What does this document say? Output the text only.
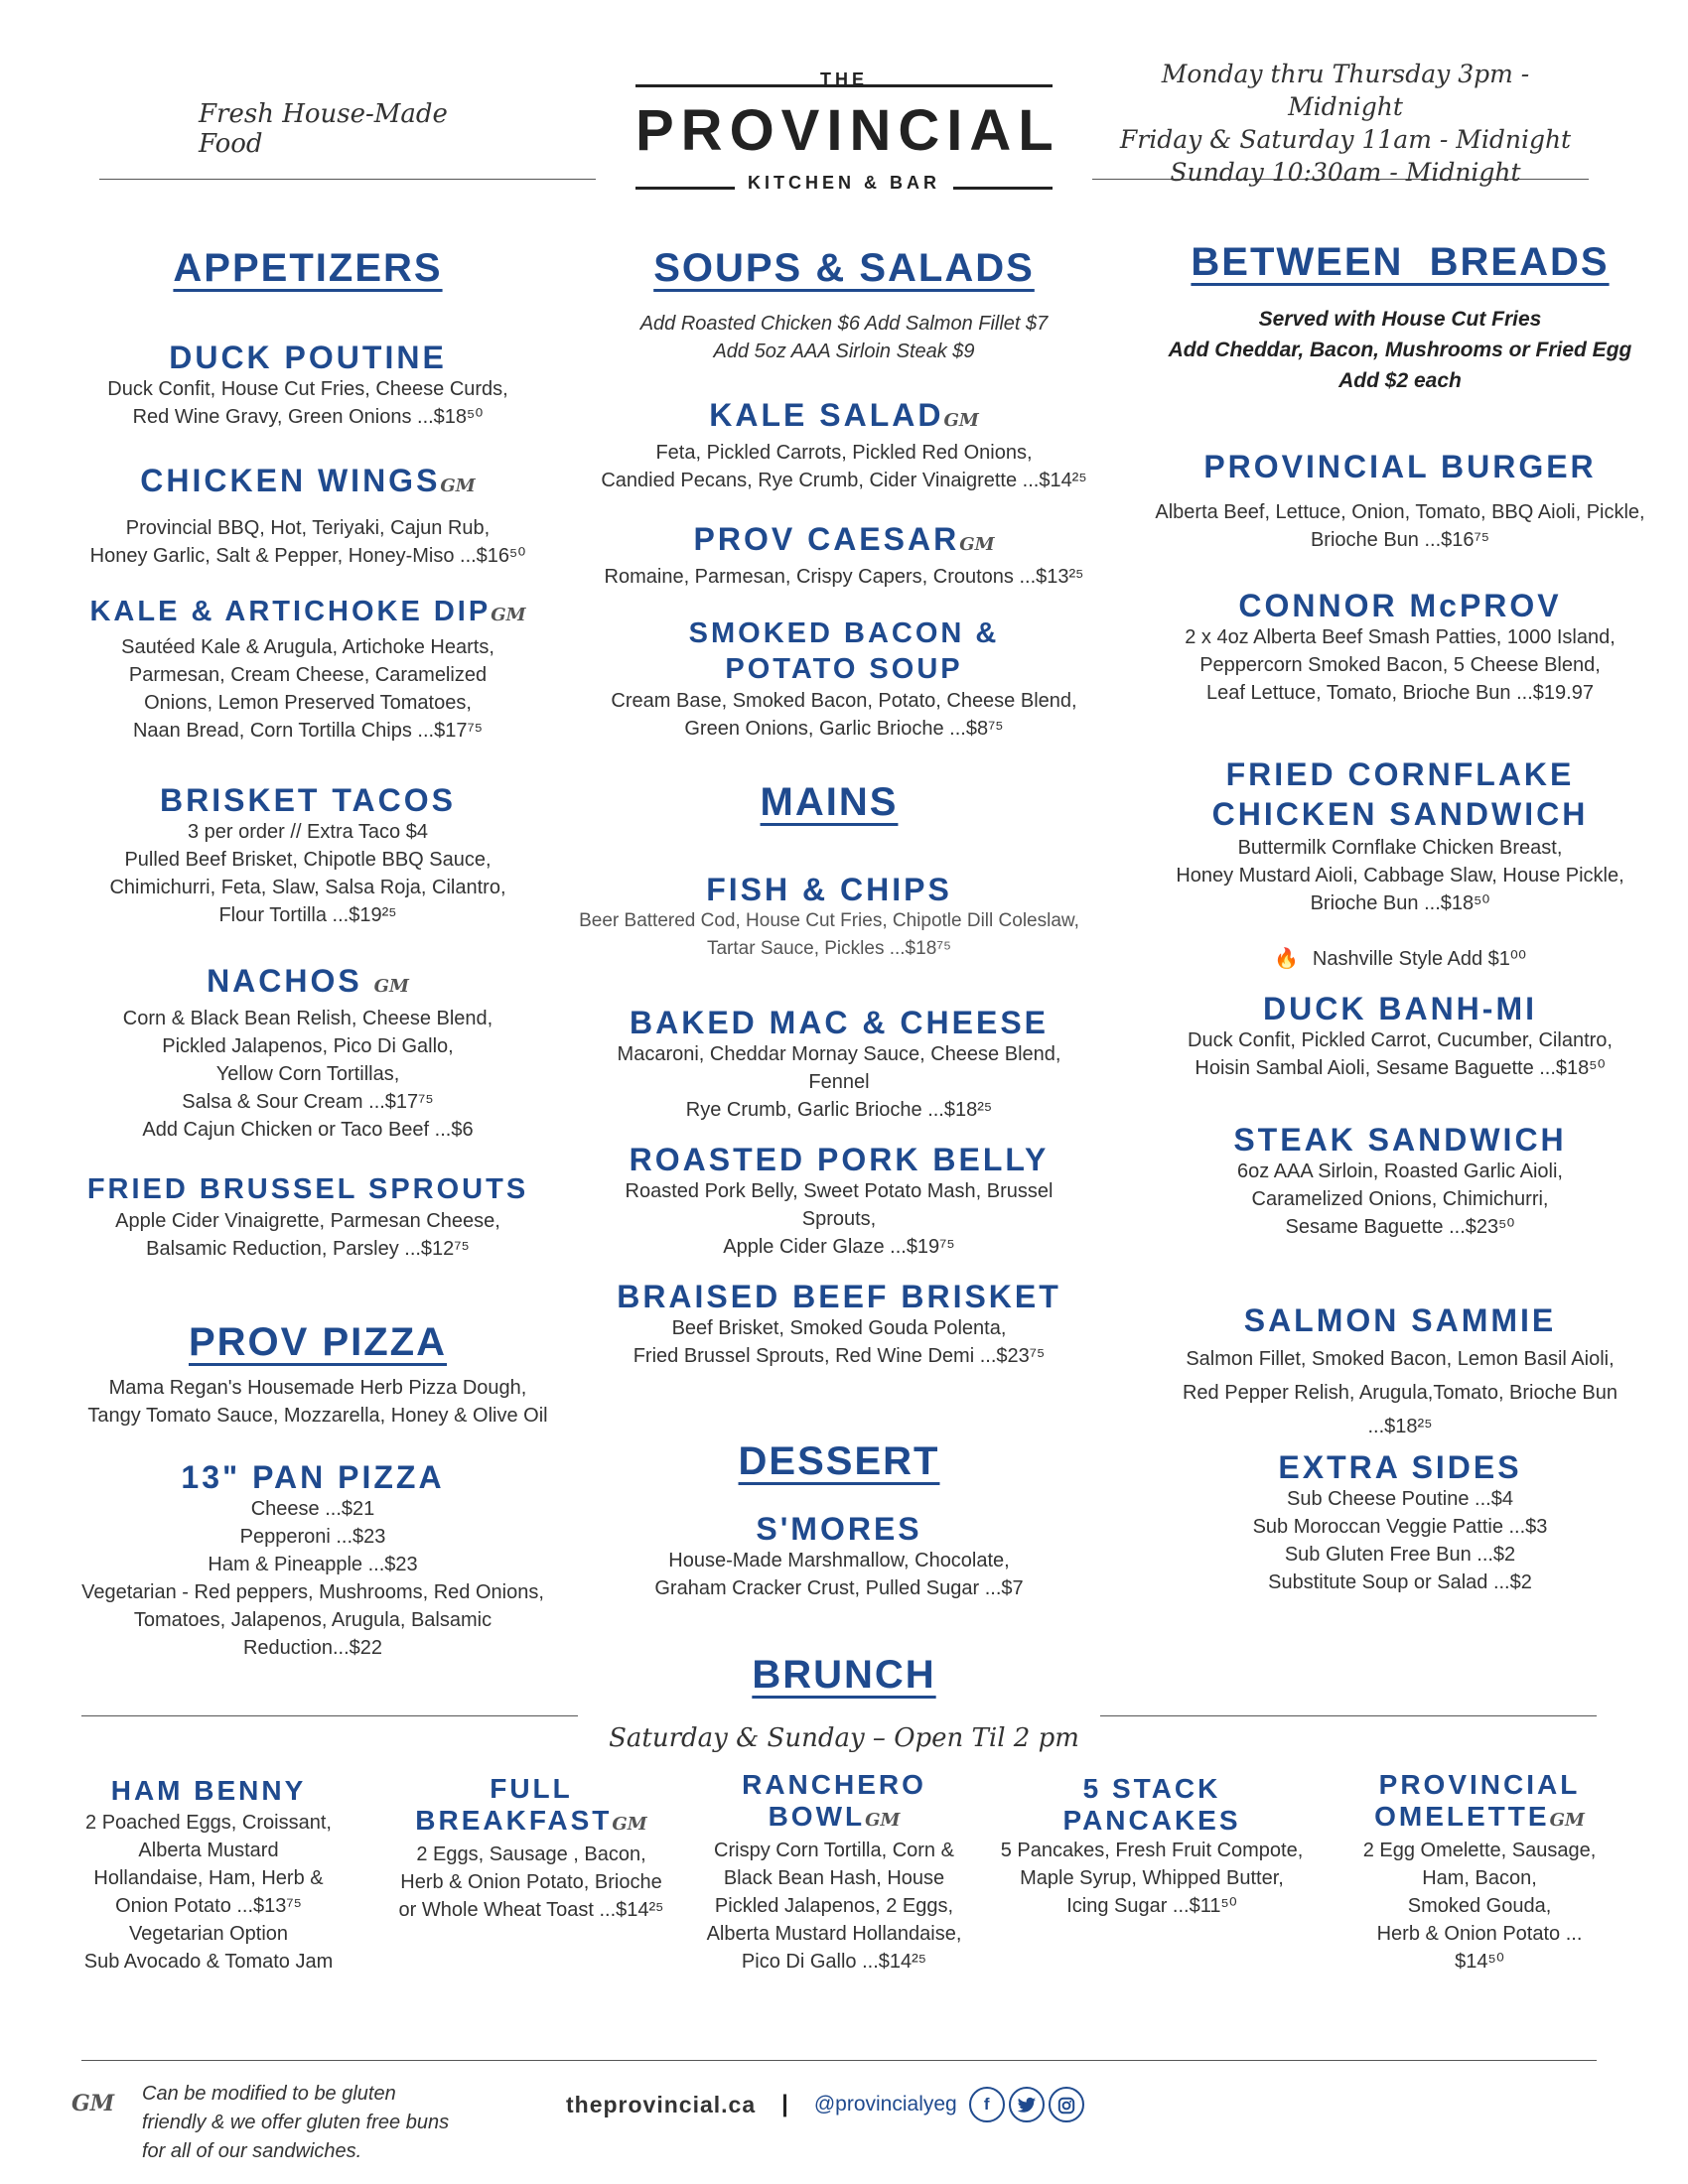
Fresh House-Made Food
THE
PROVINCIAL
KITCHEN & BAR
Monday thru Thursday 3pm - Midnight
Friday & Saturday 11am - Midnight
Sunday 10:30am - Midnight
APPETIZERS
DUCK POUTINE
Duck Confit, House Cut Fries, Cheese Curds,
Red Wine Gravy, Green Onions ...$18⁵⁰
CHICKEN WINGSGM
Provincial BBQ, Hot, Teriyaki, Cajun Rub,
Honey Garlic, Salt & Pepper, Honey-Miso ...$16⁵⁰
KALE & ARTICHOKE DIPGM
Sautéed Kale & Arugula, Artichoke Hearts,
Parmesan, Cream Cheese, Caramelized
Onions, Lemon Preserved Tomatoes,
Naan Bread, Corn Tortilla Chips ...$17⁷⁵
BRISKET TACOS
3 per order // Extra Taco $4
Pulled Beef Brisket, Chipotle BBQ Sauce,
Chimichurri, Feta, Slaw, Salsa Roja, Cilantro,
Flour Tortilla ...$19²⁵
NACHOS GM
Corn & Black Bean Relish, Cheese Blend,
Pickled Jalapenos, Pico Di Gallo,
Yellow Corn Tortillas,
Salsa & Sour Cream ...$17⁷⁵
Add Cajun Chicken or Taco Beef ...$6
FRIED BRUSSEL SPROUTS
Apple Cider Vinaigrette, Parmesan Cheese,
Balsamic Reduction, Parsley ...$12⁷⁵
PROV PIZZA
Mama Regan's Housemade Herb Pizza Dough,
Tangy Tomato Sauce, Mozzarella, Honey & Olive Oil
13" PAN PIZZA
Cheese ...$21
Pepperoni ...$23
Ham & Pineapple ...$23
Vegetarian - Red peppers, Mushrooms, Red Onions,
Tomatoes, Jalapenos, Arugula, Balsamic Reduction...$22
SOUPS & SALADS
Add Roasted Chicken $6 Add Salmon Fillet $7
Add 5oz AAA Sirloin Steak $9
KALE SALADGM
Feta, Pickled Carrots, Pickled Red Onions,
Candied Pecans, Rye Crumb, Cider Vinaigrette ...$14²⁵
PROV CAESARGM
Romaine, Parmesan, Crispy Capers, Croutons ...$13²⁵
SMOKED BACON & POTATO SOUP
Cream Base, Smoked Bacon, Potato, Cheese Blend,
Green Onions, Garlic Brioche ...$8⁷⁵
MAINS
FISH & CHIPS
Beer Battered Cod, House Cut Fries, Chipotle Dill Coleslaw,
Tartar Sauce, Pickles ...$18⁷⁵
BAKED MAC & CHEESE
Macaroni, Cheddar Mornay Sauce, Cheese Blend, Fennel
Rye Crumb, Garlic Brioche ...$18²⁵
ROASTED PORK BELLY
Roasted Pork Belly, Sweet Potato Mash, Brussel Sprouts,
Apple Cider Glaze ...$19⁷⁵
BRAISED BEEF BRISKET
Beef Brisket, Smoked Gouda Polenta,
Fried Brussel Sprouts, Red Wine Demi ...$23⁷⁵
DESSERT
S'MORES
House-Made Marshmallow, Chocolate,
Graham Cracker Crust, Pulled Sugar ...$7
BETWEEN  BREADS
Served with House Cut Fries
Add Cheddar, Bacon, Mushrooms or Fried Egg
Add $2 each
PROVINCIAL BURGER
Alberta Beef, Lettuce, Onion, Tomato, BBQ Aioli, Pickle,
Brioche Bun ...$16⁷⁵
CONNOR McPROV
2 x 4oz Alberta Beef Smash Patties, 1000 Island,
Peppercorn Smoked Bacon, 5 Cheese Blend,
Leaf Lettuce, Tomato, Brioche Bun ...$19.97
FRIED CORNFLAKE CHICKEN SANDWICH
Buttermilk Cornflake Chicken Breast,
Honey Mustard Aioli, Cabbage Slaw, House Pickle,
Brioche Bun ...$18⁵⁰

🔥 Nashville Style Add $1⁰⁰

DUCK BANH-MI
Duck Confit, Pickled Carrot, Cucumber, Cilantro,
Hoisin Sambal Aioli, Sesame Baguette ...$18⁵⁰
STEAK SANDWICH
6oz AAA Sirloin, Roasted Garlic Aioli,
Caramelized Onions, Chimichurri,
Sesame Baguette ...$23⁵⁰
SALMON SAMMIE
Salmon Fillet, Smoked Bacon, Lemon Basil Aioli,
Red Pepper Relish, Arugula,Tomato, Brioche Bun ...$18²⁵
EXTRA SIDES
Sub Cheese Poutine ...$4
Sub Moroccan Veggie Pattie ...$3
Sub Gluten Free Bun ...$2
Substitute Soup or Salad ...$2
BRUNCH
Saturday & Sunday – Open Til 2 pm
HAM BENNY
2 Poached Eggs, Croissant,
Alberta Mustard
Hollandaise, Ham, Herb &
Onion Potato ...$13⁷⁵
Vegetarian Option
Sub Avocado & Tomato Jam
FULL
BREAKFASTGM
2 Eggs, Sausage , Bacon,
Herb & Onion Potato, Brioche
or Whole Wheat Toast ...$14²⁵
RANCHERO
BOWLGM
Crispy Corn Tortilla, Corn &
Black Bean Hash, House
Pickled Jalapenos, 2 Eggs,
Alberta Mustard Hollandaise,
Pico Di Gallo ...$14²⁵
5 STACK
PANCAKES
5 Pancakes, Fresh Fruit Compote,
Maple Syrup, Whipped Butter,
Icing Sugar ...$11⁵⁰
PROVINCIAL
OMELETTEGM
2 Egg Omelette, Sausage,
Ham, Bacon,
Smoked Gouda,
Herb & Onion Potato ...
$14⁵⁰
GM Can be modified to be gluten
friendly & we offer gluten free buns
for all of our sandwiches.
theprovincial.ca | @provincialyeg	f
